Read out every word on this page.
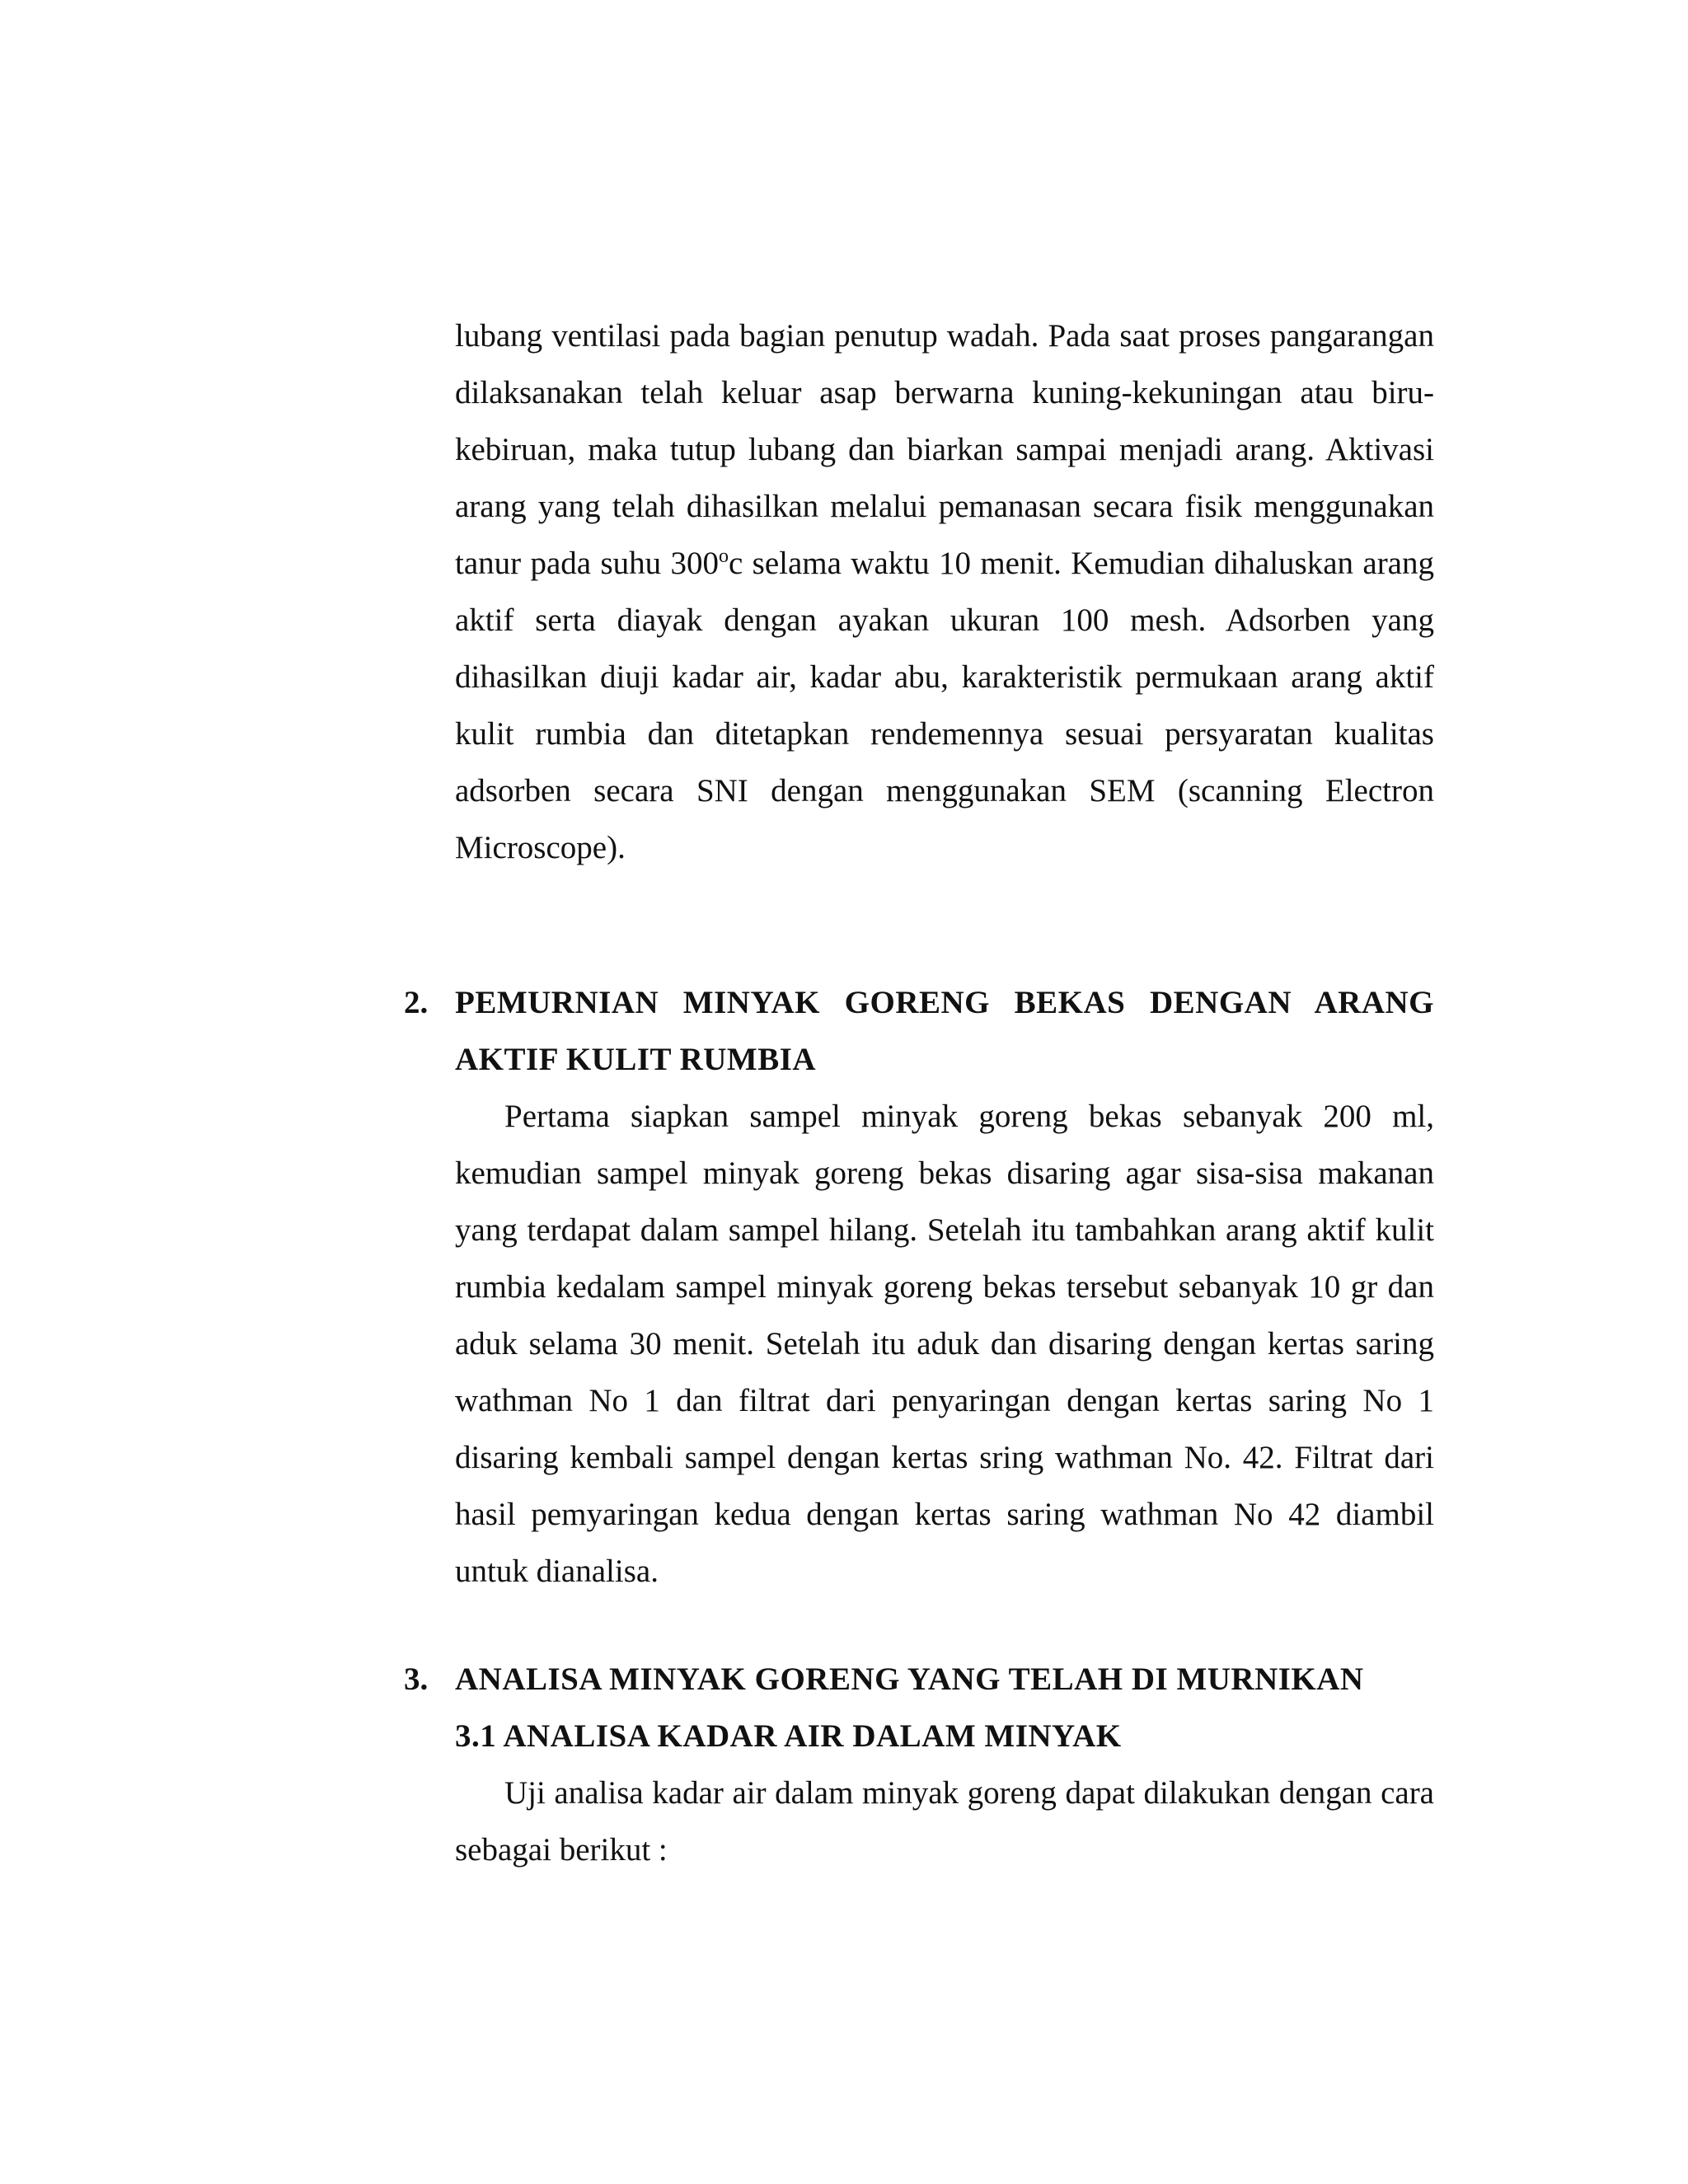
lubang ventilasi pada bagian penutup wadah. Pada saat proses pangarangan dilaksanakan telah keluar asap berwarna kuning-kekuningan atau biru-kebiruan, maka tutup lubang dan biarkan sampai menjadi arang. Aktivasi arang yang telah dihasilkan melalui pemanasan secara fisik menggunakan tanur pada suhu 300$^o$c selama waktu 10 menit. Kemudian dihaluskan arang aktif serta diayak dengan ayakan ukuran 100 mesh. Adsorben yang dihasilkan diuji kadar air, kadar abu, karakteristik permukaan arang aktif kulit rumbia dan ditetapkan rendemennya sesuai persyaratan kualitas adsorben secara SNI dengan menggunakan SEM (scanning Electron Microscope).

2. PEMURNIAN MINYAK GORENG BEKAS DENGAN ARANG
AKTIF KULIT RUMBIA

Pertama siapkan sampel minyak goreng bekas sebanyak 200 ml, kemudian sampel minyak goreng bekas disaring agar sisa-sisa makanan yang terdapat dalam sampel hilang. Setelah itu tambahkan arang aktif kulit rumbia kedalam sampel minyak goreng bekas tersebut sebanyak 10 gr dan aduk selama 30 menit. Setelah itu aduk dan disaring dengan kertas saring wathman No 1 dan filtrat dari penyaringan dengan kertas saring No 1 disaring kembali sampel dengan kertas sring wathman No. 42. Filtrat dari hasil pemyaringan kedua dengan kertas saring wathman No 42 diambil untuk dianalisa.

3. ANALISA MINYAK GORENG YANG TELAH DI MURNIKAN
3.1 ANALISA KADAR AIR DALAM MINYAK

Uji analisa kadar air dalam minyak goreng dapat dilakukan dengan cara sebagai berikut :
